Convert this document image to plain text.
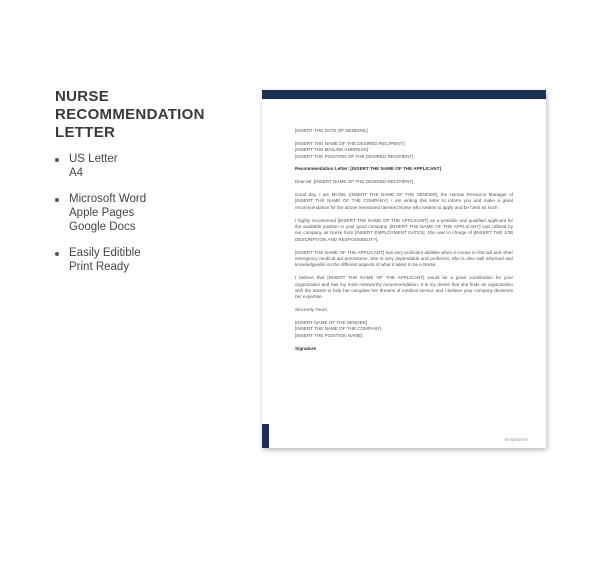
NURSE RECOMMENDATION LETTER
US Letter
A4
Microsoft Word
Apple Pages
Google Docs
Easily Editible
Print Ready

[INSERT THE DATE OF SENDING]

[INSERT THE NAME OF THE DESIRED RECIPIENT]
[INSERT THE MAILING ADDRESS]
[INSERT THE POSITION OF THE DESIRED RECIPIENT]

Recommendation Letter: [INSERT THE NAME OF THE APPLICANT]

Dear Mr. [INSERT NAME OF THE DESIRED RECIPIENT],

Good day. I am Mr./Ms. [INSERT THE NAME OF THE SENDER], the Human Resource Manager of [INSERT THE NAME OF THE COMPANY]. I am writing this letter to inform you and make a great recommendation for the above mentioned talented Nurse who wishes to apply and be hired as such.

I highly recommend [INSERT THE NAME OF THE APPLICANT] as a possible and qualified applicant for the available position in your good company. [INSERT THE NAME OF THE APPLICANT] was utilized by our company as Nurse from [INSERT EMPLOYMENT DATES]. She was in charge of [INSERT THE JOB DESCRIPTION AND RESPONSIBILITY].

[INSERT THE NAME OF THE APPLICANT] has very proficient abilities when it comes to first aid and other emergency medical aid procedures. She is very dependable and proficient. She is also well informed and knowledgeable on the different aspects of what it takes to be a Nurse.

I believe that [INSERT THE NAME OF THE APPLICANT] would be a good contribution for your organization and has my most noteworthy recommendation. It is my desire that she finds an organization with the assets to help her complete her dreams of medical service and I believe your company deserves her expertise.

Sincerely Yours,

[INSERT NAME OF THE SENDER]
[INSERT THE NAME OF THE COMPANY]
[INSERT THE POSITION NAME]

Signature

templatenet
